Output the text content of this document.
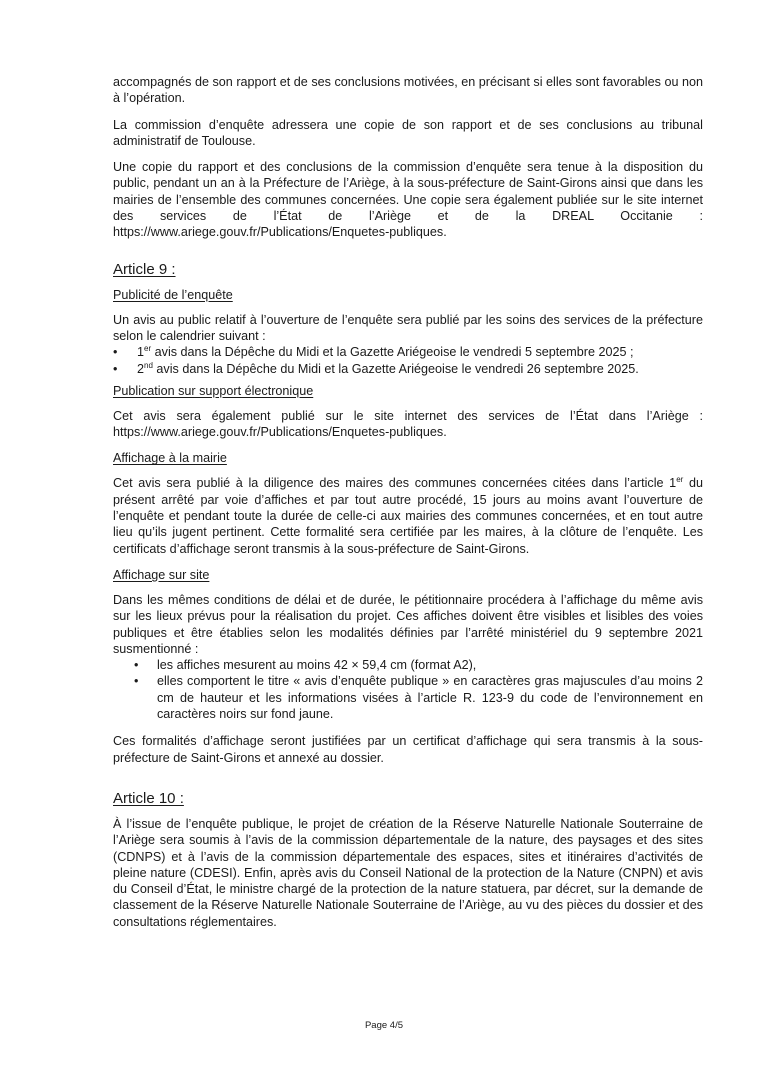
accompagnés de son rapport et de ses conclusions motivées, en précisant si elles sont favorables ou non à l’opération.

La commission d’enquête adressera une copie de son rapport et de ses conclusions au tribunal administratif de Toulouse.

Une copie du rapport et des conclusions de la commission d’enquête sera tenue à la disposition du public, pendant un an à la Préfecture de l’Ariège, à la sous-préfecture de Saint-Girons ainsi que dans les mairies de l’ensemble des communes concernées. Une copie sera également publiée sur le site internet des services de l’État de l’Ariège et de la DREAL Occitanie : https://www.ariege.gouv.fr/Publications/Enquetes-publiques.

Article 9 :
Publicité de l’enquête

Un avis au public relatif à l’ouverture de l’enquête sera publié par les soins des services de la préfecture selon le calendrier suivant :

• 1er avis dans la Dépêche du Midi et la Gazette Ariégeoise le vendredi 5 septembre 2025 ;
• 2nd avis dans la Dépêche du Midi et la Gazette Ariégeoise le vendredi 26 septembre 2025.
Publication sur support électronique

Cet avis sera également publié sur le site internet des services de l’État dans l’Ariège : https://www.ariege.gouv.fr/Publications/Enquetes-publiques.

Affichage à la mairie

Cet avis sera publié à la diligence des maires des communes concernées citées dans l’article 1er du présent arrêté par voie d’affiches et par tout autre procédé, 15 jours au moins avant l’ouverture de l’enquête et pendant toute la durée de celle-ci aux mairies des communes concernées, et en tout autre lieu qu’ils jugent pertinent. Cette formalité sera certifiée par les maires, à la clôture de l’enquête. Les certificats d’affichage seront transmis à la sous-préfecture de Saint-Girons.

Affichage sur site

Dans les mêmes conditions de délai et de durée, le pétitionnaire procédera à l’affichage du même avis sur les lieux prévus pour la réalisation du projet. Ces affiches doivent être visibles et lisibles des voies publiques et être établies selon les modalités définies par l’arrêté ministériel du 9 septembre 2021 susmentionné :

• les affiches mesurent au moins 42 × 59,4 cm (format A2),
• elles comportent le titre « avis d’enquête publique » en caractères gras majuscules d’au moins 2 cm de hauteur et les informations visées à l’article R. 123-9 du code de l’environnement en caractères noirs sur fond jaune.

Ces formalités d’affichage seront justifiées par un certificat d’affichage qui sera transmis à la sous-préfecture de Saint-Girons et annexé au dossier.

Article 10 :

À l’issue de l’enquête publique, le projet de création de la Réserve Naturelle Nationale Souterraine de l’Ariège sera soumis à l’avis de la commission départementale de la nature, des paysages et des sites (CDNPS) et à l’avis de la commission départementale des espaces, sites et itinéraires d’activités de pleine nature (CDESI). Enfin, après avis du Conseil National de la protection de la Nature (CNPN) et avis du Conseil d’État, le ministre chargé de la protection de la nature statuera, par décret, sur la demande de classement de la Réserve Naturelle Nationale Souterraine de l’Ariège, au vu des pièces du dossier et des consultations réglementaires.

Page 4/5
